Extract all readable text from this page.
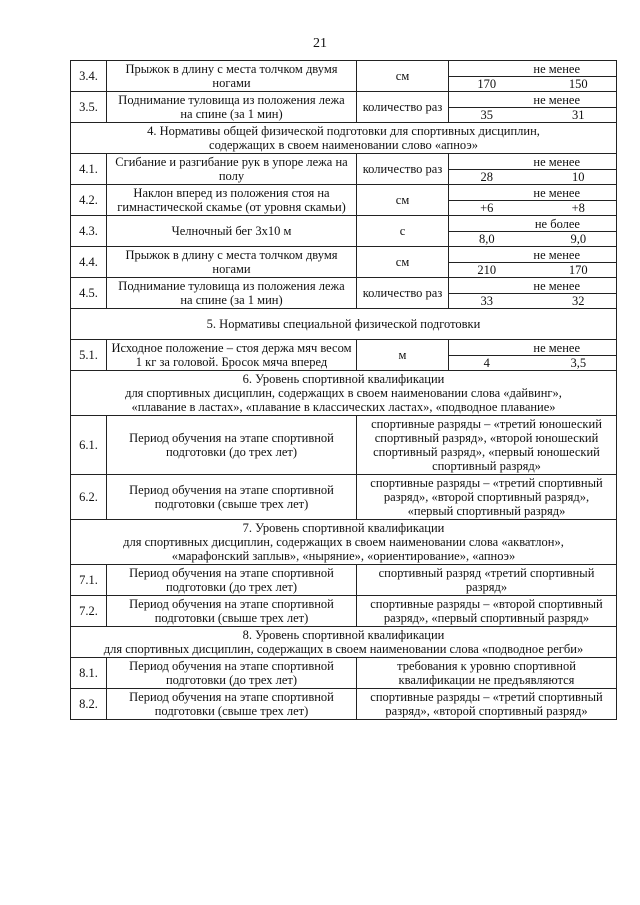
21
3.4.	Прыжок в длину с места толчком двумя ногами	см	не менее
170 150

3.5.	Поднимание туловища из положения лежа на спине (за 1 мин)	количество раз	не менее
35 31

4. Нормативы общей физической подготовки для спортивных дисциплин,
содержащих в своем наименовании слово «апноэ»			

4.1.	Сгибание и разгибание рук в упоре лежа на полу	количество раз	не менее
28 10

4.2.	Наклон вперед из положения стоя на гимнастической скамье (от уровня скамьи)	см	не менее
+6 +8

4.3.	Челночный бег 3х10 м	с	не более
8,0 9,0

4.4.	Прыжок в длину с места толчком двумя ногами	см	не менее
210 170

4.5.	Поднимание туловища из положения лежа на спине (за 1 мин)	количество раз	не менее
33 32

5. Нормативы специальной физической подготовки			

5.1.	Исходное положение – стоя держа мяч весом 1 кг за головой. Бросок мяча вперед	м	не менее
4 3,5

6. Уровень спортивной квалификации
для спортивных дисциплин, содержащих в своем наименовании слова «дайвинг»,
«плавание в ластах», «плавание в классических ластах», «подводное плавание»			

6.1.	Период обучения на этапе спортивной подготовки (до трех лет)	спортивные разряды – «третий юношеский спортивный разряд», «второй юношеский спортивный разряд», «первый юношеский спортивный разряд»	
6.2.	Период обучения на этапе спортивной подготовки (свыше трех лет)	спортивные разряды – «третий спортивный разряд», «второй спортивный разряд», «первый спортивный разряд»	

7. Уровень спортивной квалификации
для спортивных дисциплин, содержащих в своем наименовании слова «акватлон»,
«марафонский заплыв», «ныряние», «ориентирование», «апноэ»			

7.1.	Период обучения на этапе спортивной подготовки (до трех лет)	спортивный разряд «третий спортивный разряд»	
7.2.	Период обучения на этапе спортивной подготовки (свыше трех лет)	спортивные разряды – «второй спортивный разряд», «первый спортивный разряд»	

8. Уровень спортивной квалификации
для спортивных дисциплин, содержащих в своем наименовании слова «подводное регби»			

8.1.	Период обучения на этапе спортивной подготовки (до трех лет)	требования к уровню спортивной квалификации не предъявляются	
8.2.	Период обучения на этапе спортивной подготовки (свыше трех лет)	спортивные разряды – «третий спортивный разряд», «второй спортивный разряд»	
